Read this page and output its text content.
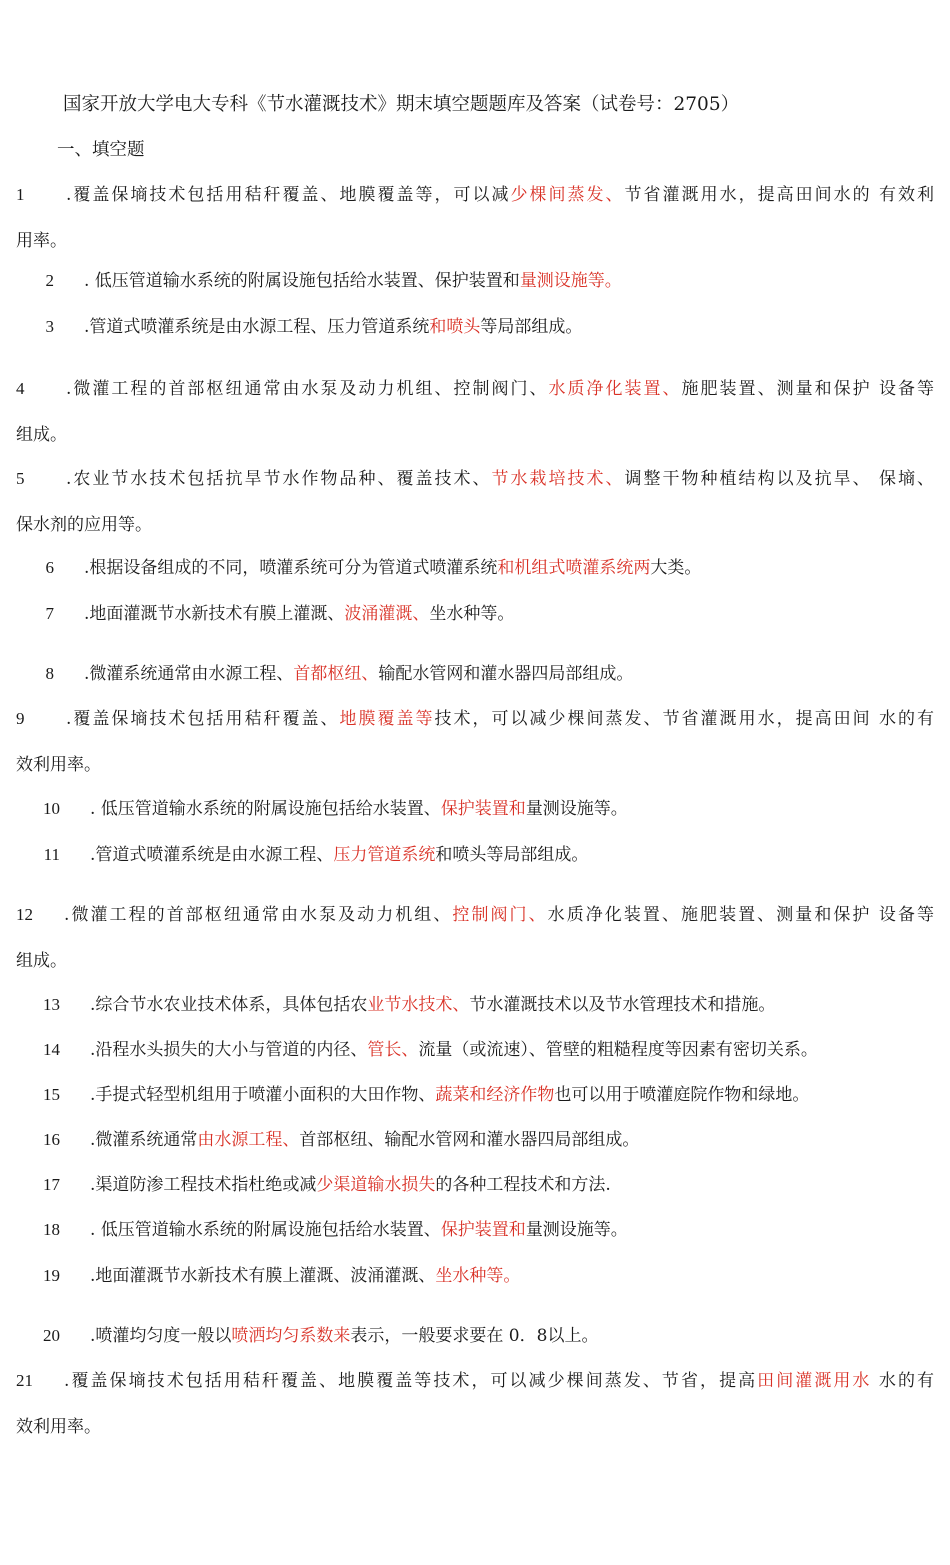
国家开放大学电大专科《节水灌溉技术》期末填空题题库及答案（试卷号：2705）
一、填空题
1 .覆盖保墒技术包括用秸秆覆盖、地膜覆盖等，可以减少棵间蒸发、节省灌溉用水，提高田间水的 有效利
用率。
2 . 低压管道输水系统的附属设施包括给水装置、保护装置和量测设施等。
3 .管道式喷灌系统是由水源工程、压力管道系统和喷头等局部组成。
4 .微灌工程的首部枢纽通常由水泵及动力机组、控制阀门、水质净化装置、施肥装置、测量和保护 设备等
组成。
5 .农业节水技术包括抗旱节水作物品种、覆盖技术、节水栽培技术、调整干物种植结构以及抗旱、 保墒、
保水剂的应用等。
6 .根据设备组成的不同，喷灌系统可分为管道式喷灌系统和机组式喷灌系统两大类。
7 .地面灌溉节水新技术有膜上灌溉、波涌灌溉、坐水种等。
8 .微灌系统通常由水源工程、首都枢纽、输配水管网和灌水器四局部组成。
9 .覆盖保墒技术包括用秸秆覆盖、地膜覆盖等技术，可以减少棵间蒸发、节省灌溉用水，提高田间 水的有
效利用率。
10 . 低压管道输水系统的附属设施包括给水装置、保护装置和量测设施等。
11 .管道式喷灌系统是由水源工程、压力管道系统和喷头等局部组成。
12 .微灌工程的首部枢纽通常由水泵及动力机组、控制阀门、水质净化装置、施肥装置、测量和保护 设备等
组成。
13 .综合节水农业技术体系，具体包括农业节水技术、节水灌溉技术以及节水管理技术和措施。
14 .沿程水头损失的大小与管道的内径、管长、流量（或流速）、管壁的粗糙程度等因素有密切关系。
15 .手提式轻型机组用于喷灌小面积的大田作物、蔬菜和经济作物也可以用于喷灌庭院作物和绿地。
16 .微灌系统通常由水源工程、首部枢纽、输配水管网和灌水器四局部组成。
17 .渠道防渗工程技术指杜绝或减少渠道输水损失的各种工程技术和方法.
18 . 低压管道输水系统的附属设施包括给水装置、保护装置和量测设施等。
19 .地面灌溉节水新技术有膜上灌溉、波涌灌溉、坐水种等。
20 .喷灌均匀度一般以喷洒均匀系数来表示，一般要求要在 0．8以上。
21 .覆盖保墒技术包括用秸秆覆盖、地膜覆盖等技术，可以减少棵间蒸发、节省，提高田间灌溉用水 水的有
效利用率。
